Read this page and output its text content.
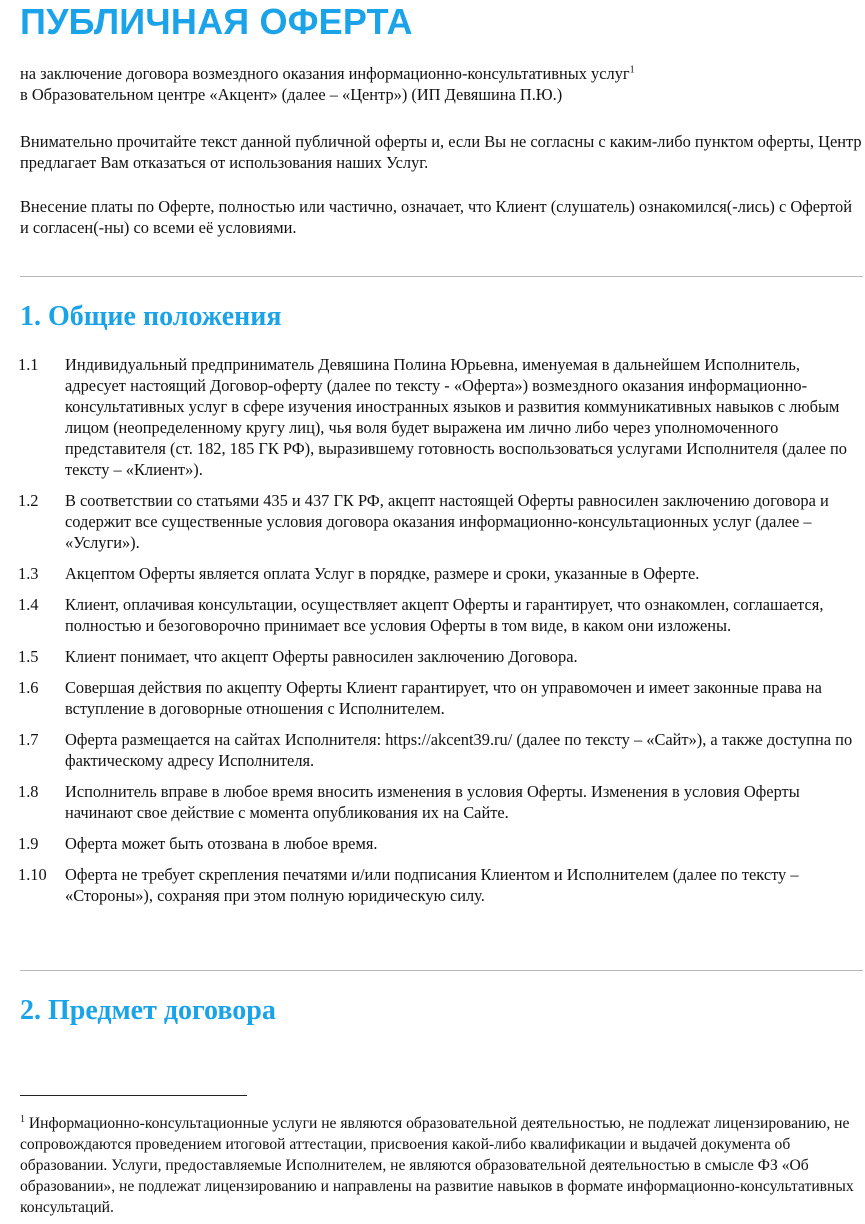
ПУБЛИЧНАЯ ОФЕРТА

на заключение договора возмездного оказания информационно-консультативных услуг$^1$

в Образовательном центре «Акцент» (далее – «Центр») (ИП Девяшина П.Ю.)

Внимательно прочитайте текст данной публичной оферты и, если Вы не согласны с каким-либо пунктом оферты, Центр предлагает Вам отказаться от использования наших Услуг.

Внесение платы по Оферте, полностью или частично, означает, что Клиент (слушатель) ознакомился(-лись) с Офертой и согласен(-ны) со всеми её условиями.

1. Общие положения
1.1	Индивидуальный предприниматель Девяшина Полина Юрьевна, именуемая в дальнейшем Исполнитель, адресует настоящий Договор-оферту (далее по тексту - «Оферта») возмездного оказания информационно-консультативных услуг в сфере изучения иностранных языков и развития коммуникативных навыков с любым лицом (неопределенному кругу лиц), чья воля будет выражена им лично либо через уполномоченного представителя (ст. 182, 185 ГК РФ), выразившему готовность воспользоваться услугами Исполнителя (далее по тексту – «Клиент»).
1.2	В соответствии со статьями 435 и 437 ГК РФ, акцепт настоящей Оферты равносилен заключению договора и содержит все существенные условия договора оказания информационно-консультационных услуг (далее – «Услуги»).
1.3	Акцептом Оферты является оплата Услуг в порядке, размере и сроки, указанные в Оферте.
1.4	Клиент, оплачивая консультации, осуществляет акцепт Оферты и гарантирует, что ознакомлен, соглашается, полностью и безоговорочно принимает все условия Оферты в том виде, в каком они изложены.
1.5	Клиент понимает, что акцепт Оферты равносилен заключению Договора.
1.6	Совершая действия по акцепту Оферты Клиент гарантирует, что он управомочен и имеет законные права на вступление в договорные отношения с Исполнителем.
1.7	Оферта размещается на сайтах Исполнителя: https://akcent39.ru/ (далее по тексту – «Сайт»), а также доступна по фактическому адресу Исполнителя.
1.8	Исполнитель вправе в любое время вносить изменения в условия Оферты. Изменения в условия Оферты начинают свое действие с момента опубликования их на Сайте.
1.9	Оферта может быть отозвана в любое время.
1.10	Оферта не требует скрепления печатями и/или подписания Клиентом и Исполнителем (далее по тексту – «Стороны»), сохраняя при этом полную юридическую силу.
2. Предмет договора

$^1$ Информационно-консультационные услуги не являются образовательной деятельностью, не подлежат лицензированию, не сопровождаются проведением итоговой аттестации, присвоения какой-либо квалификации и выдачей документа об образовании. Услуги, предоставляемые Исполнителем, не являются образовательной деятельностью в смысле ФЗ «Об образовании», не подлежат лицензированию и направлены на развитие навыков в формате информационно-консультативных консультаций.
